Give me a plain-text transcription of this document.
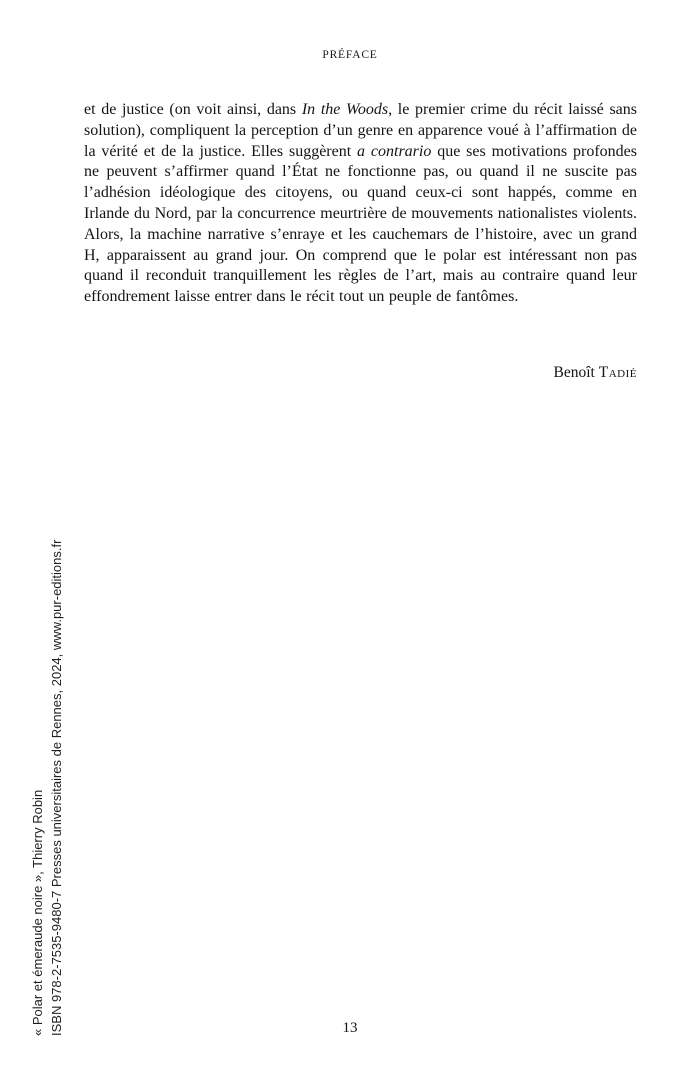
PRÉFACE

et de justice (on voit ainsi, dans In the Woods, le premier crime du récit laissé sans solution), compliquent la perception d’un genre en apparence voué à l’affirmation de la vérité et de la justice. Elles suggèrent a contrario que ses motivations profondes ne peuvent s’affirmer quand l’État ne fonctionne pas, ou quand il ne suscite pas l’adhésion idéologique des citoyens, ou quand ceux-ci sont happés, comme en Irlande du Nord, par la concurrence meurtrière de mouvements nationalistes violents. Alors, la machine narrative s’enraye et les cauchemars de l’histoire, avec un grand H, apparaissent au grand jour. On comprend que le polar est intéressant non pas quand il reconduit tranquillement les règles de l’art, mais au contraire quand leur effondrement laisse entrer dans le récit tout un peuple de fantômes.

Benoît Tadié
« Polar et émeraude noire », Thierry Robin ISBN 978-2-7535-9480-7 Presses universitaires de Rennes, 2024, www.pur-editions.fr	13
